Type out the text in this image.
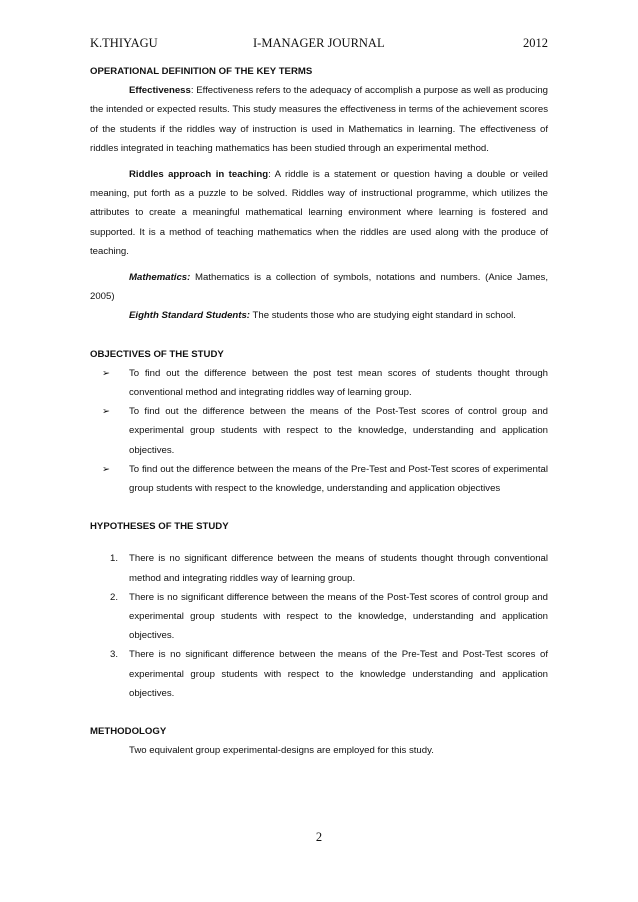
K.THIYAGU	I-MANAGER JOURNAL	2012

OPERATIONAL DEFINITION OF THE KEY TERMS

Effectiveness: Effectiveness refers to the adequacy of accomplish a purpose as well as producing the intended or expected results. This study measures the effectiveness in terms of the achievement scores of the students if the riddles way of instruction is used in Mathematics in learning. The effectiveness of riddles integrated in teaching mathematics has been studied through an experimental method.

Riddles approach in teaching: A riddle is a statement or question having a double or veiled meaning, put forth as a puzzle to be solved. Riddles way of instructional programme, which utilizes the attributes to create a meaningful mathematical learning environment where learning is fostered and supported. It is a method of teaching mathematics when the riddles are used along with the produce of teaching.

Mathematics: Mathematics is a collection of symbols, notations and numbers. (Anice James, 2005)

Eighth Standard Students: The students those who are studying eight standard in school.

OBJECTIVES OF THE STUDY

➢ To find out the difference between the post test mean scores of students thought through conventional method and integrating riddles way of learning group.
➢ To find out the difference between the means of the Post-Test scores of control group and experimental group students with respect to the knowledge, understanding and application objectives.
➢ To find out the difference between the means of the Pre-Test and Post-Test scores of experimental group students with respect to the knowledge, understanding and application objectives

HYPOTHESES OF THE STUDY

1. There is no significant difference between the means of students thought through conventional method and integrating riddles way of learning group.
2. There is no significant difference between the means of the Post-Test scores of control group and experimental group students with respect to the knowledge, understanding and application objectives.
3. There is no significant difference between the means of the Pre-Test and Post-Test scores of experimental group students with respect to the knowledge understanding and application objectives.

METHODOLOGY

Two equivalent group experimental-designs are employed for this study.

2
